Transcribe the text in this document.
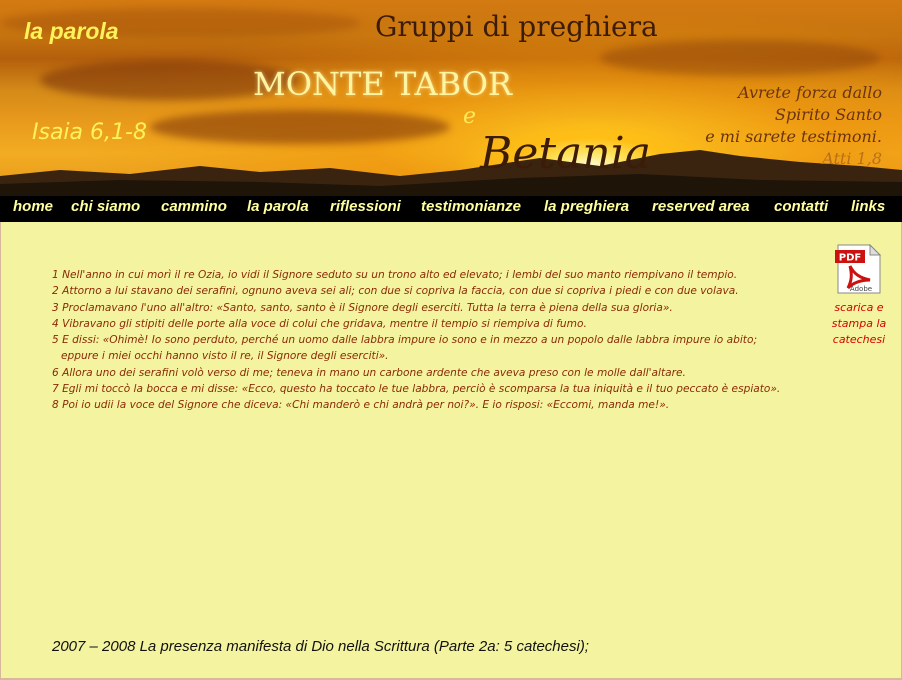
la parola
Isaia 6,1-8
Gruppi di preghiera
MONTE TABOR
e
Betania
Avrete forza dallo
Spirito Santo
e mi sarete testimoni.
Atti 1,8
home chi siamo cammino la parola riflessioni testimonianze la preghiera reserved area contatti links

1 Nell'anno in cui morì il re Ozia, io vidi il Signore seduto su un trono alto ed elevato; i lembi del suo manto riempivano il tempio.

2 Attorno a lui stavano dei serafini, ognuno aveva sei ali; con due si copriva la faccia, con due si copriva i piedi e con due volava.

3 Proclamavano l'uno all'altro: «Santo, santo, santo è il Signore degli eserciti. Tutta la terra è piena della sua gloria».

4 Vibravano gli stipiti delle porte alla voce di colui che gridava, mentre il tempio si riempiva di fumo.

5 E dissi: «Ohimè! Io sono perduto, perché un uomo dalle labbra impure io sono e in mezzo a un popolo dalle labbra impure io abito;

eppure i miei occhi hanno visto il re, il Signore degli eserciti».

6 Allora uno dei serafini volò verso di me; teneva in mano un carbone ardente che aveva preso con le molle dall'altare.

7 Egli mi toccò la bocca e mi disse: «Ecco, questo ha toccato le tue labbra, perciò è scomparsa la tua iniquità e il tuo peccato è espiato».

8 Poi io udii la voce del Signore che diceva: «Chi manderò e chi andrà per noi?». E io risposi: «Eccomi, manda me!».

PDF
Adobe
scarica e stampa la catechesi
2007 – 2008 La presenza manifesta di Dio nella Scrittura (Parte 2a: 5 catechesi);
